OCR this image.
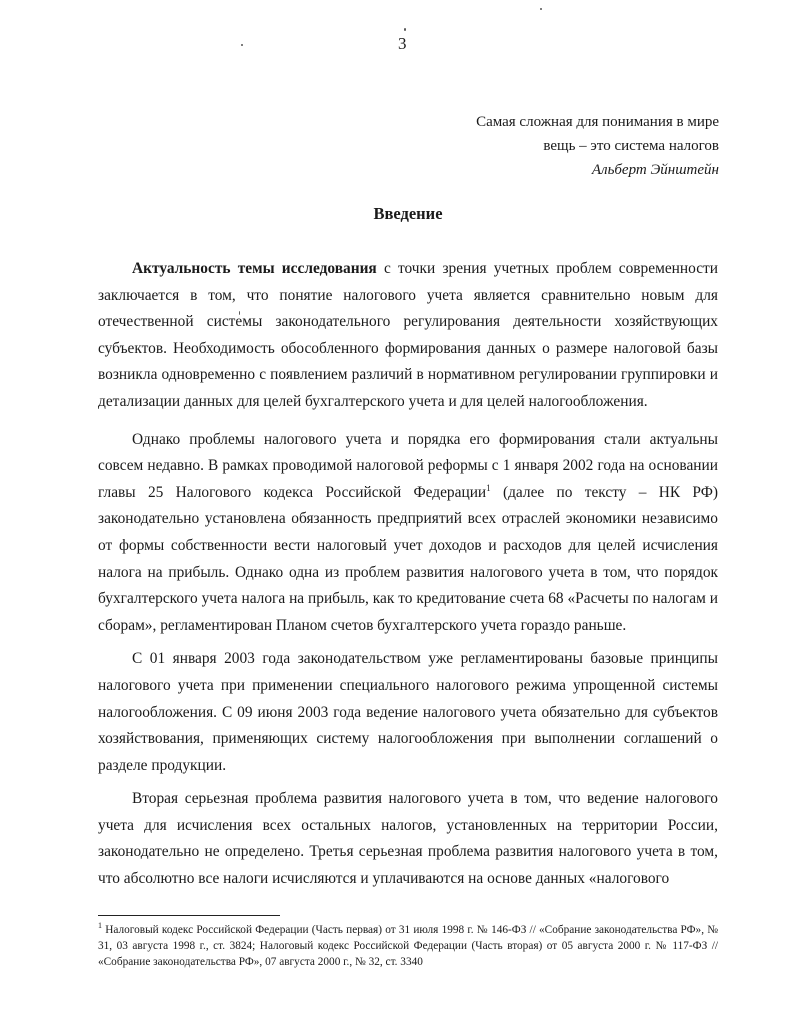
3
Самая сложная для понимания в мире
вещь – это система налогов
Альберт Эйнштейн
Введение

Актуальность темы исследования с точки зрения учетных проблем современности заключается в том, что понятие налогового учета является сравнительно новым для отечественной системы законодательного регулирования деятельности хозяйствующих субъектов. Необходимость обособленного формирования данных о размере налоговой базы возникла одновременно с появлением различий в нормативном регулировании группировки и детализации данных для целей бухгалтерского учета и для целей налогообложения.

Однако проблемы налогового учета и порядка его формирования стали актуальны совсем недавно. В рамках проводимой налоговой реформы с 1 января 2002 года на основании главы 25 Налогового кодекса Российской Федерации$^1$ (далее по тексту – НК РФ) законодательно установлена обязанность предприятий всех отраслей экономики независимо от формы собственности вести налоговый учет доходов и расходов для целей исчисления налога на прибыль. Однако одна из проблем развития налогового учета в том, что порядок бухгалтерского учета налога на прибыль, как то кредитование счета 68 «Расчеты по налогам и сборам», регламентирован Планом счетов бухгалтерского учета гораздо раньше.

С 01 января 2003 года законодательством уже регламентированы базовые принципы налогового учета при применении специального налогового режима упрощенной системы налогообложения. С 09 июня 2003 года ведение налогового учета обязательно для субъектов хозяйствования, применяющих систему налогообложения при выполнении соглашений о разделе продукции.

Вторая серьезная проблема развития налогового учета в том, что ведение налогового учета для исчисления всех остальных налогов, установленных на территории России, законодательно не определено. Третья серьезная проблема развития налогового учета в том, что абсолютно все налоги исчисляются и уплачиваются на основе данных «налогового

$^1$ Налоговый кодекс Российской Федерации (Часть первая) от 31 июля 1998 г. № 146-ФЗ // «Собрание законодательства РФ», № 31, 03 августа 1998 г., ст. 3824; Налоговый кодекс Российской Федерации (Часть вторая) от 05 августа 2000 г. № 117-ФЗ // «Собрание законодательства РФ», 07 августа 2000 г., № 32, ст. 3340
